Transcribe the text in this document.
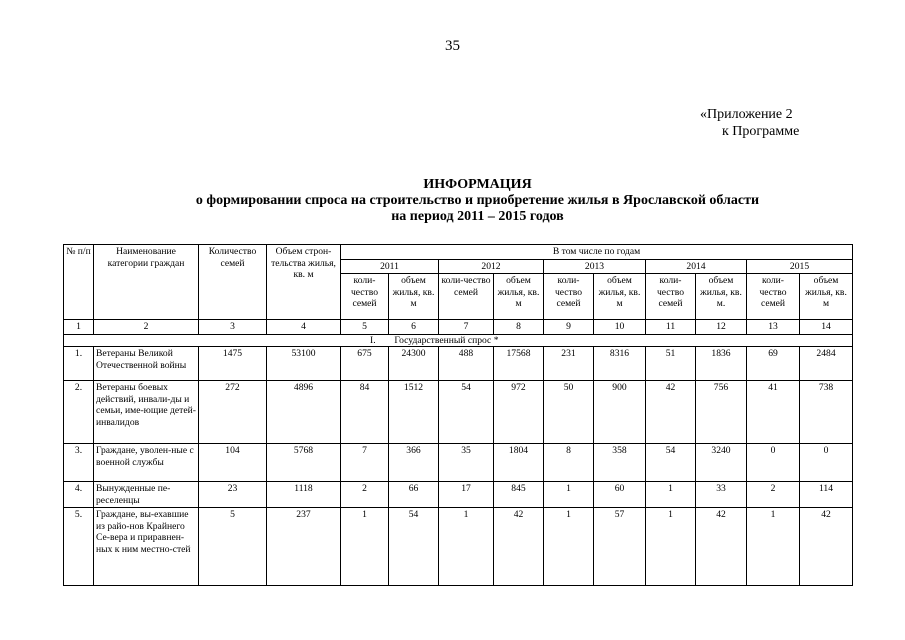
35
«Приложение 2
к Программе
ИНФОРМАЦИЯ
о формировании спроса на строительство и приобретение жилья в Ярославской области
на период 2011 – 2015 годов
№ п/п	Наименование категории граждан	Количество семей	Объем строн-тельства жилья, кв. м	В том числе по годам									
				2011		2012		2013		2014		2015	
				коли-чество семей	объем жилья, кв. м	коли-чество семей	объем жилья, кв. м	коли-чество семей	объем жилья, кв. м	коли-чество семей	объем жилья, кв. м.	коли-чество семей	объем жилья, кв. м
1	2	3	4	5	6	7	8	9	10	11	12	13	14
I. Государственный спрос *													
1.	Ветераны Великой Отечественной войны	1475	53100	675	24300	488	17568	231	8316	51	1836	69	2484
2.	Ветераны боевых действий, инвали-ды и семьи, име-ющие детей-инвалидов	272	4896	84	1512	54	972	50	900	42	756	41	738
3.	Граждане, уволен-ные с военной службы	104	5768	7	366	35	1804	8	358	54	3240	0	0
4.	Вынужденные пе-реселенцы	23	1118	2	66	17	845	1	60	1	33	2	114
5.	Граждане, вы-ехавшие из райо-нов Крайнего Се-вера и приравнен-ных к ним местно-стей	5	237	1	54	1	42	1	57	1	42	1	42
